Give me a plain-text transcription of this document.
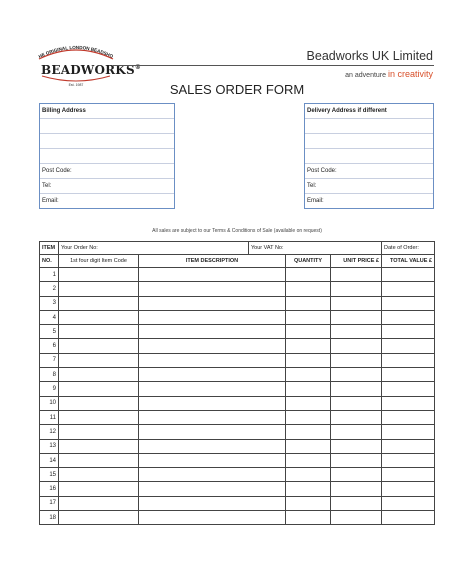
HE ORIGINAL LONDON BEADSHO
BEADWORKS®
Est. 1987
Beadworks UK Limited
an adventure in creativity
SALES ORDER FORM
Billing Address
Post Code:
Tel:
Email:
Delivery Address if different
Post Code:
Tel:
Email:
All sales are subject to our Terms & Conditions of Sale (available on request)
ITEM	Your Order No:		Your VAT No:			Date of Order:
NO.	1st four digit Item Code	ITEM DESCRIPTION		QUANTITY	UNIT PRICE £	TOTAL VALUE £
1						
2						
3						
4						
5						
6						
7						
8						
9						
10						
11						
12						
13						
14						
15						
16						
17						
18						
